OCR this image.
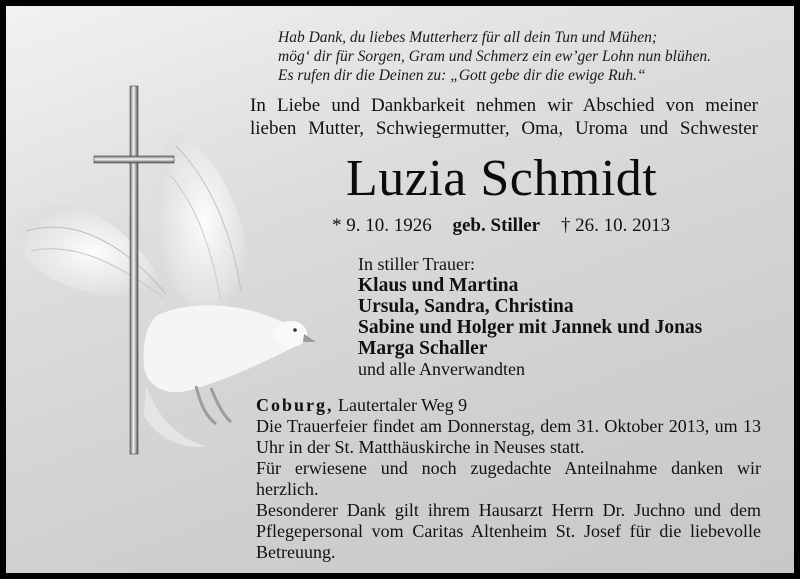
Hab Dank, du liebes Mutterherz für all dein Tun und Mühen;
mög‘ dir für Sorgen, Gram und Schmerz ein ew’ger Lohn nun blühen.
Es rufen dir die Deinen zu: „Gott gebe dir die ewige Ruh.“
In Liebe und Dankbarkeit nehmen wir Abschied von meiner
lieben Mutter, Schwiegermutter, Oma, Uroma und Schwester
Luzia Schmidt
* 9. 10. 1926 geb. Stiller † 26. 10. 2013
In stiller Trauer:
Klaus und Martina
Ursula, Sandra, Christina
Sabine und Holger mit Jannek und Jonas
Marga Schaller
und alle Anverwandten
Coburg, Lautertaler Weg 9

Die Trauerfeier findet am Donnerstag, dem 31. Oktober 2013, um 13 Uhr in der St. Matthäuskirche in Neuses statt.

Für erwiesene und noch zugedachte Anteilnahme danken wir herzlich.

Besonderer Dank gilt ihrem Hausarzt Herrn Dr. Juchno und dem Pflegepersonal vom Caritas Altenheim St. Josef für die liebevolle Betreuung.
